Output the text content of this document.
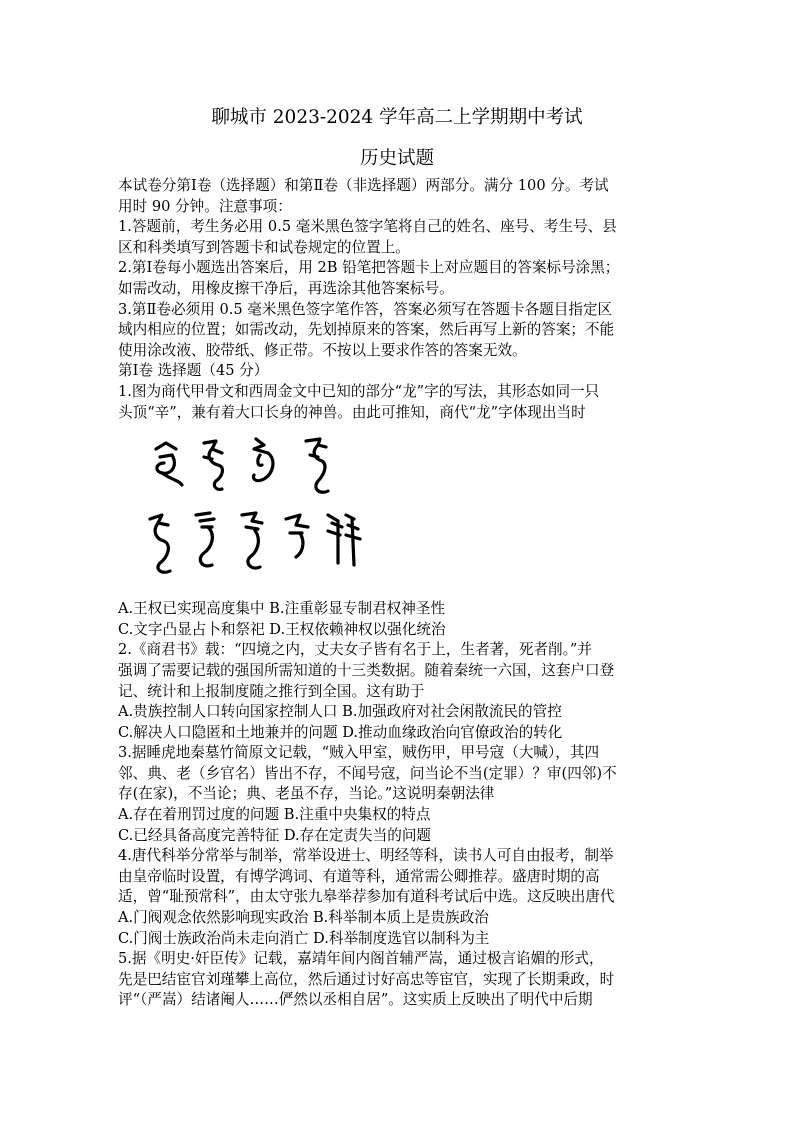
聊城市 2023-2024 学年高二上学期期中考试
历史试题

本试卷分第Ⅰ卷（选择题）和第Ⅱ卷（非选择题）两部分。满分 100 分。考试

用时 90 分钟。注意事项：

1.答题前，考生务必用 0.5 毫米黑色签字笔将自己的姓名、座号、考生号、县

区和科类填写到答题卡和试卷规定的位置上。

2.第Ⅰ卷每小题选出答案后，用 2B 铅笔把答题卡上对应题目的答案标号涂黑；

如需改动，用橡皮擦干净后，再选涂其他答案标号。

3.第Ⅱ卷必须用 0.5 毫米黑色签字笔作答，答案必须写在答题卡各题目指定区

域内相应的位置；如需改动，先划掉原来的答案，然后再写上新的答案；不能

使用涂改液、胶带纸、修正带。不按以上要求作答的答案无效。

第Ⅰ卷 选择题（45 分）

1.图为商代甲骨文和西周金文中已知的部分“龙”字的写法，其形态如同一只

头顶“辛”，兼有着大口长身的神兽。由此可推知，商代“龙”字体现出当时

A.王权已实现高度集中 B.注重彰显专制君权神圣性

C.文字凸显占卜和祭祀 D.王权依赖神权以强化统治

2.《商君书》载：“四境之内，丈夫女子皆有名于上，生者著，死者削。”并

强调了需要记载的强国所需知道的十三类数据。随着秦统一六国，这套户口登

记、统计和上报制度随之推行到全国。这有助于

A.贵族控制人口转向国家控制人口 B.加强政府对社会闲散流民的管控

C.解决人口隐匿和土地兼并的问题 D.推动血缘政治向官僚政治的转化

3.据睡虎地秦墓竹简原文记载，“贼入甲室，贼伤甲，甲号寇（大喊），其四

邻、典、老（乡官名）皆出不存，不闻号寇，问当论不当(定罪）？审(四邻)不

存(在家)，不当论；典、老虽不存，当论。”这说明秦朝法律

A.存在着刑罚过度的问题 B.注重中央集权的特点

C.已经具备高度完善特征 D.存在定责失当的问题

4.唐代科举分常举与制举，常举设进士、明经等科，读书人可自由报考，制举

由皇帝临时设置，有博学鸿词、有道等科，通常需公卿推荐。盛唐时期的高

适，曾“耻预常科”，由太守张九皋举荐参加有道科考试后中选。这反映出唐代

A.门阀观念依然影响现实政治 B.科举制本质上是贵族政治

C.门阀士族政治尚未走向消亡 D.科举制度选官以制科为主

5.据《明史·奸臣传》记载，嘉靖年间内阁首辅严嵩，通过极言谄媚的形式，

先是巴结宦官刘瑾攀上高位，然后通过讨好高忠等宦官，实现了长期秉政，时

评“（严嵩）结诸阉人……俨然以丞相自居”。这实质上反映出了明代中后期
